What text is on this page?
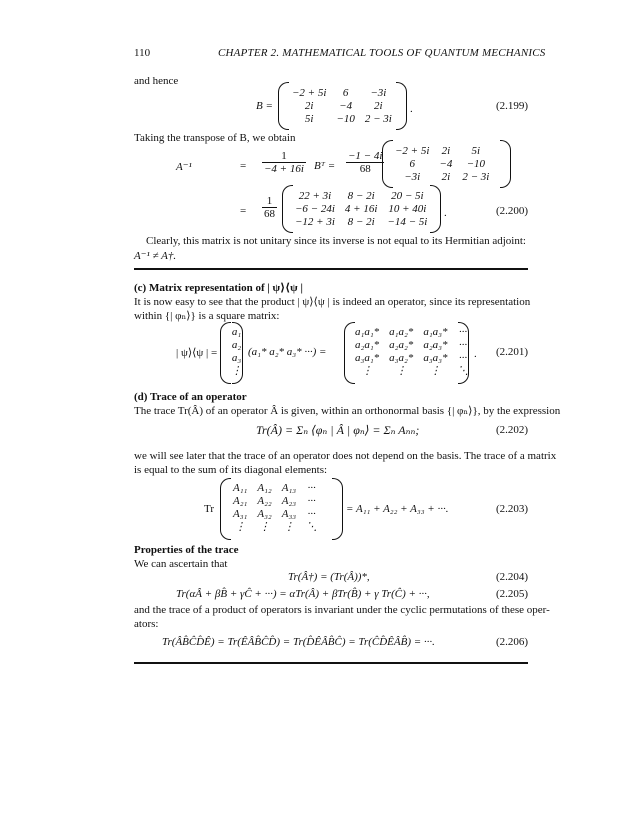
110	CHAPTER 2. MATHEMATICAL TOOLS OF QUANTUM MECHANICS
and hence
B =
−2 + 5i	6	−3i
2i	−4	2i
5i	−10	2 − 3i
.	(2.199)
Taking the transpose of B, we obtain
A⁻¹	= $\frac{1}{-4 + 16i}$ Bᵀ = $\frac{-1 - 4i}{68} -2 + 5i$	2i	5i
6	−4	−10
−3i	2i	2 − 3i
= $\frac{1}{68} 22 + 3i$	8 − 2i	20 − 5i
−6 − 24i	4 + 16i	10 + 40i
−12 + 3i	8 − 2i	−14 − 5i
.	(2.200)
Clearly, this matrix is not unitary since its inverse is not equal to its Hermitian adjoint:
A⁻¹ ≠ A†.
(c) Matrix representation of | ψ⟩⟨ψ |
It is now easy to see that the product | ψ⟩⟨ψ | is indeed an operator, since its representation
within {| φₙ⟩} is a square matrix:
| ψ⟩⟨ψ | =
a₁
a₂
a₃
⋮
(a₁* a₂* a₃* ···) =
a₁a₁*	a₁a₂*	a₁a₃*	···
a₂a₁*	a₂a₂*	a₂a₃*	···
a₃a₁*	a₃a₂*	a₃a₃*	···
⋮	⋮	⋮	⋱
. (2.201)
(d) Trace of an operator
The trace Tr(Â) of an operator Â is given, within an orthonormal basis {| φₙ⟩}, by the expression
Tr(Â) = Σₙ ⟨φₙ | Â | φₙ⟩ = Σₙ Aₙₙ;	(2.202)
we will see later that the trace of an operator does not depend on the basis. The trace of a matrix
is equal to the sum of its diagonal elements:
Tr
A₁₁	A₁₂	A₁₃	···
A₂₁	A₂₂	A₂₃	···
A₃₁	A₃₂	A₃₃	···
⋮	⋮	⋮	⋱
= A₁₁ + A₂₂ + A₃₃ + ···.	(2.203)
Properties of the trace
We can ascertain that
Tr(Â†) = (Tr(Â))*,	(2.204)
Tr(αÂ + βB̂ + γĈ + ···) = αTr(Â) + βTr(B̂) + γ Tr(Ĉ) + ···,	(2.205)
and the trace of a product of operators is invariant under the cyclic permutations of these oper-
ators:
Tr(ÂB̂ĈD̂Ê) = Tr(ÊÂB̂ĈD̂) = Tr(D̂ÊÂB̂Ĉ) = Tr(ĈD̂ÊÂB̂) = ···.	(2.206)
